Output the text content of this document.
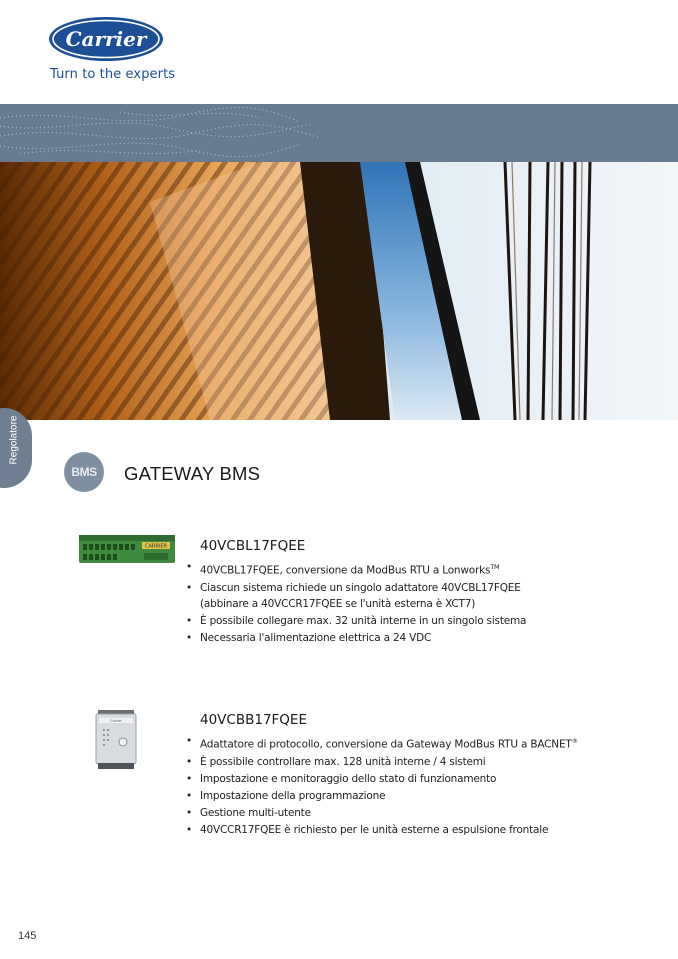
Carrier
Turn to the experts
Regolatore
BMS	GATEWAY BMS
CARRIER 40VCBL17FQEE
• 40VCBL17FQEE, conversione da ModBus RTU a Lonworks™
• Ciascun sistema richiede un singolo adattatore 40VCBL17FQEE
(abbinare a 40VCCR17FQEE se l'unità esterna è XCT7)
• È possibile collegare max. 32 unità interne in un singolo sistema
• Necessaria l'alimentazione elettrica a 24 VDC
Carrier	40VCBB17FQEE
• Adattatore di protocollo, conversione da Gateway ModBus RTU a BACNET®
• È possibile controllare max. 128 unità interne / 4 sistemi
• Impostazione e monitoraggio dello stato di funzionamento
• Impostazione della programmazione
• Gestione multi-utente
• 40VCCR17FQEE è richiesto per le unità esterne a espulsione frontale
145
